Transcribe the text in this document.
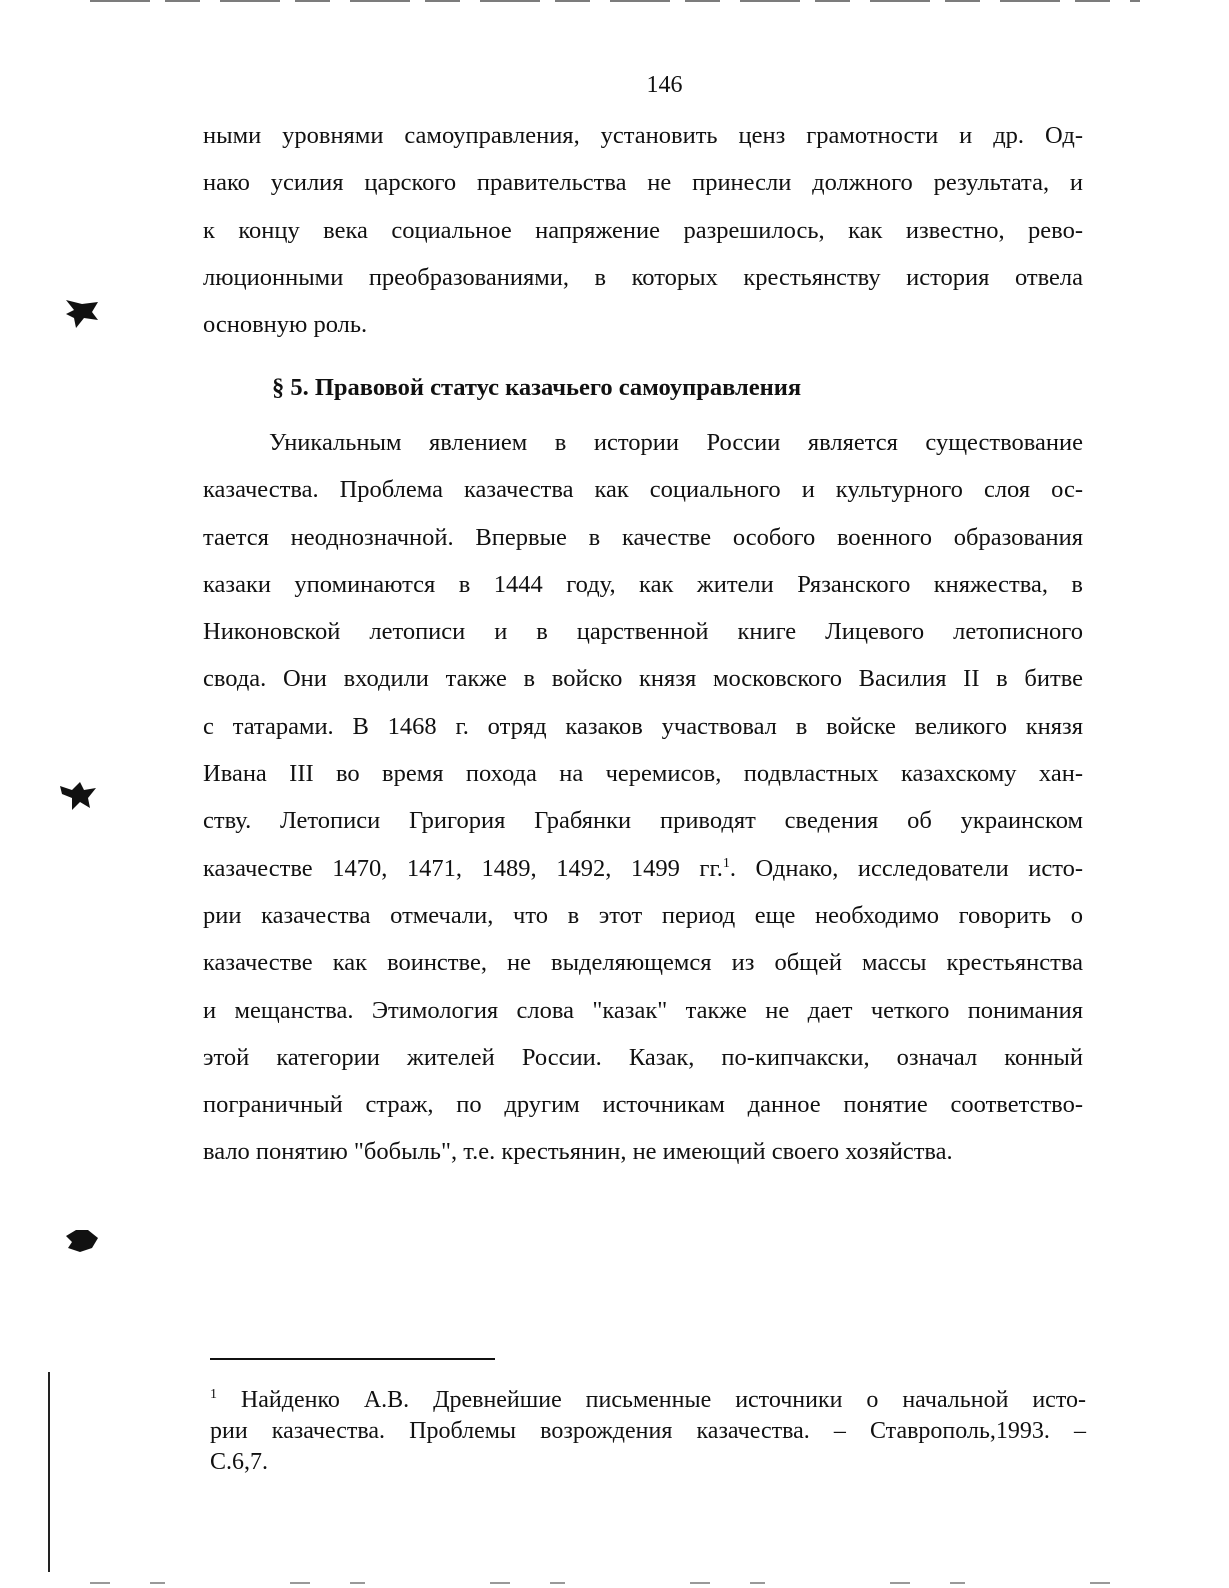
146

ными уровнями самоуправления, установить ценз грамотности и др. Од-
нако усилия царского правительства не принесли должного результата, и
к концу века социальное напряжение разрешилось, как известно, рево-
люционными преобразованиями, в которых крестьянству история отвела
основную роль.

§ 5. Правовой статус казачьего самоуправления

Уникальным явлением в истории России является существование
казачества. Проблема казачества как социального и культурного слоя ос-
тается неоднозначной. Впервые в качестве особого военного образования
казаки упоминаются в 1444 году, как жители Рязанского княжества, в
Никоновской летописи и в царственной книге Лицевого летописного
свода. Они входили также в войско князя московского Василия II в битве
с татарами. В 1468 г. отряд казаков участвовал в войске великого князя
Ивана III во время похода на черемисов, подвластных казахскому хан-
ству. Летописи Григория Грабянки приводят сведения об украинском
казачестве 1470, 1471, 1489, 1492, 1499 гг.$^1$. Однако, исследователи исто-
рии казачества отмечали, что в этот период еще необходимо говорить о
казачестве как воинстве, не выделяющемся из общей массы крестьянства
и мещанства. Этимология слова "казак" также не дает четкого понимания
этой категории жителей России. Казак, по-кипчакски, означал конный
пограничный страж, по другим источникам данное понятие соответство-
вало понятию "бобыль", т.е. крестьянин, не имеющий своего хозяйства.

$^1$ Найденко А.В. Древнейшие письменные источники о начальной исто-
рии казачества. Проблемы возрождения казачества. – Ставрополь,1993. –
С.6,7.
